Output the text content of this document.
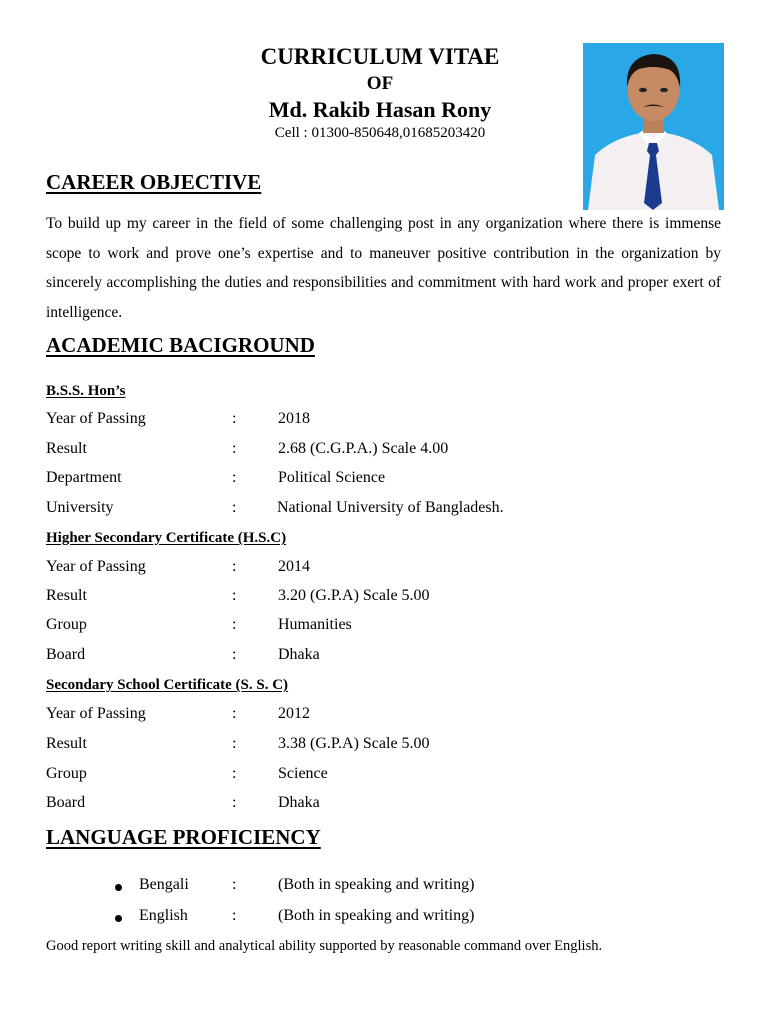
CURRICULUM VITAE
OF
Md. Rakib Hasan Rony
Cell : 01300-850648,01685203420
CAREER OBJECTIVE
To build up my career in the field of some challenging post in any organization where there is immense scope to work and prove one’s expertise and to maneuver positive contribution in the organization by sincerely accomplishing the duties and responsibilities and commitment with hard work and proper exert of intelligence.
ACADEMIC BACIGROUND
B.S.S. Hon’s
Year of Passing	:	2018
Result	:	2.68 (C.G.P.A.) Scale 4.00
Department	:	Political Science
University	:	National University of Bangladesh.
Higher Secondary Certificate (H.S.C)
Year of Passing	:	2014
Result	:	3.20 (G.P.A) Scale 5.00
Group	:	Humanities
Board	:	Dhaka
Secondary School Certificate (S. S. C)
Year of Passing	:	2012
Result	:	3.38 (G.P.A) Scale 5.00
Group	:	Science
Board	:	Dhaka
LANGUAGE PROFICIENCY
Bengali	:	(Both in speaking and writing)
English	:	(Both in speaking and writing)
Good report writing skill and analytical ability supported by reasonable command over English.
